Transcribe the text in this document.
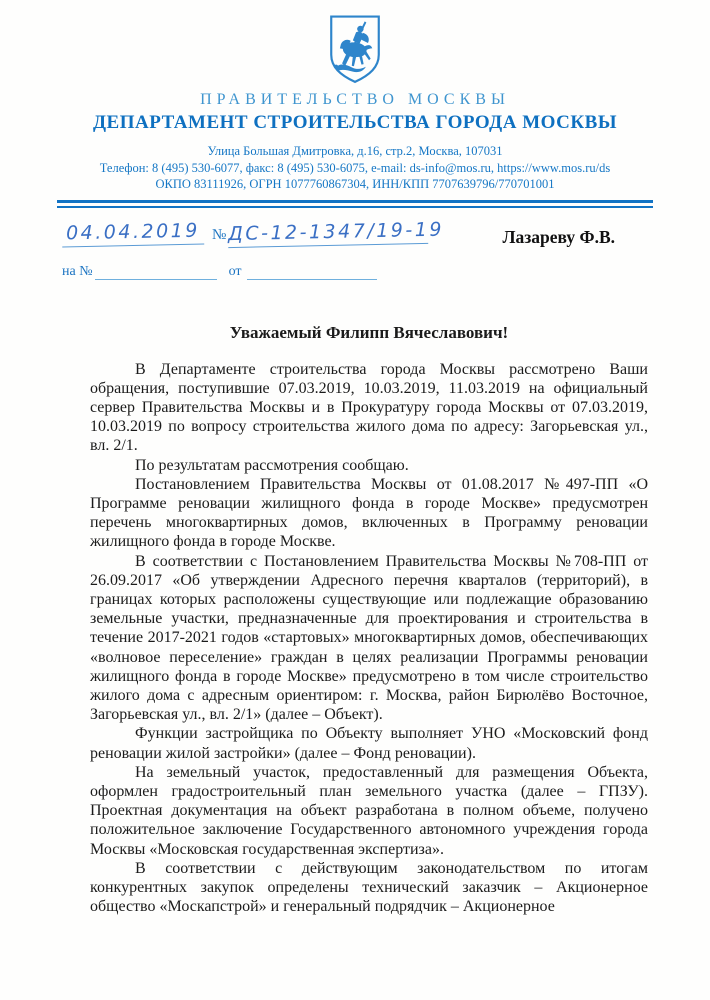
ПРАВИТЕЛЬСТВО МОСКВЫ
ДЕПАРТАМЕНТ СТРОИТЕЛЬСТВА ГОРОДА МОСКВЫ
Улица Большая Дмитровка, д.16, стр.2, Москва, 107031
Телефон: 8 (495) 530-6077, факс: 8 (495) 530-6075, e-mail: ds-info@mos.ru, https://www.mos.ru/ds
ОКПО 83111926, ОГРН 1077760867304, ИНН/КПП 7707639796/770701001
04.04.2019 № ДС-12-1347/19-19	Лазареву Ф.В.
на №	от
Уважаемый Филипп Вячеславович!

В Департаменте строительства города Москвы рассмотрено Ваши обращения, поступившие 07.03.2019, 10.03.2019, 11.03.2019 на официальный сервер Правительства Москвы и в Прокуратуру города Москвы от 07.03.2019, 10.03.2019 по вопросу строительства жилого дома по адресу: Загорьевская ул., вл. 2/1.

По результатам рассмотрения сообщаю.

Постановлением Правительства Москвы от 01.08.2017 №497-ПП «О Программе реновации жилищного фонда в городе Москве» предусмотрен перечень многоквартирных домов, включенных в Программу реновации жилищного фонда в городе Москве.

В соответствии с Постановлением Правительства Москвы №708-ПП от 26.09.2017 «Об утверждении Адресного перечня кварталов (территорий), в границах которых расположены существующие или подлежащие образованию земельные участки, предназначенные для проектирования и строительства в течение 2017-2021 годов «стартовых» многоквартирных домов, обеспечивающих «волновое переселение» граждан в целях реализации Программы реновации жилищного фонда в городе Москве» предусмотрено в том числе строительство жилого дома с адресным ориентиром: г. Москва, район Бирюлёво Восточное, Загорьевская ул., вл. 2/1» (далее – Объект).

Функции застройщика по Объекту выполняет УНО «Московский фонд реновации жилой застройки» (далее – Фонд реновации).

На земельный участок, предоставленный для размещения Объекта, оформлен градостроительный план земельного участка (далее – ГПЗУ). Проектная документация на объект разработана в полном объеме, получено положительное заключение Государственного автономного учреждения города Москвы «Московская государственная экспертиза».

В соответствии с действующим законодательством по итогам конкурентных закупок определены технический заказчик – Акционерное общество «Москапстрой» и генеральный подрядчик – Акционерное
